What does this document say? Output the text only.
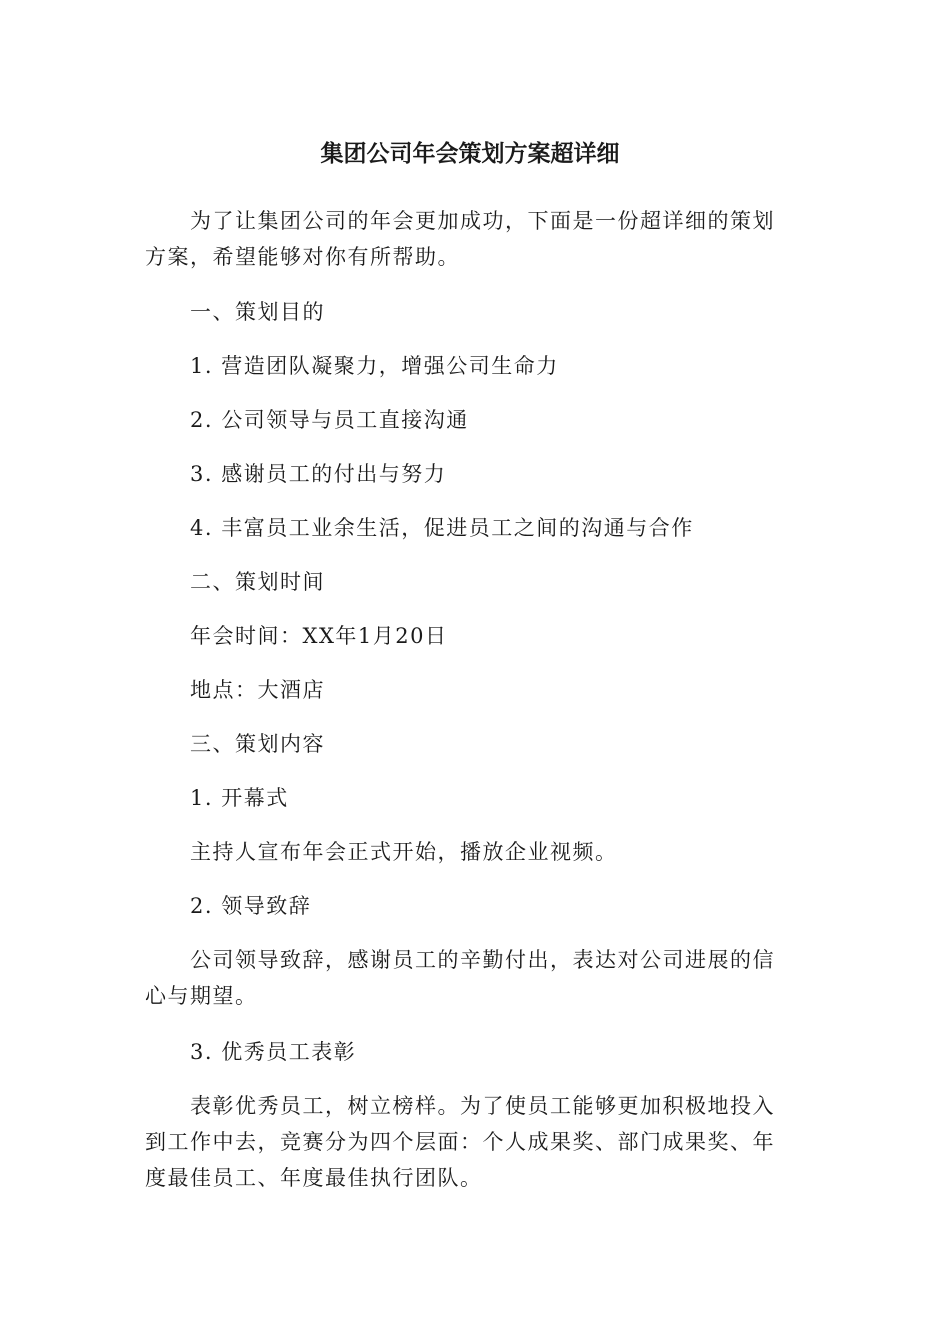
集团公司年会策划方案超详细

为了让集团公司的年会更加成功，下面是一份超详细的策划方案，希望能够对你有所帮助。

一、策划目的

1. 营造团队凝聚力，增强公司生命力

2. 公司领导与员工直接沟通

3. 感谢员工的付出与努力

4. 丰富员工业余生活，促进员工之间的沟通与合作

二、策划时间

年会时间：XX年1月20日

地点：大酒店

三、策划内容

1. 开幕式

主持人宣布年会正式开始，播放企业视频。

2. 领导致辞

公司领导致辞，感谢员工的辛勤付出，表达对公司进展的信心与期望。

3. 优秀员工表彰

表彰优秀员工，树立榜样。为了使员工能够更加积极地投入到工作中去，竞赛分为四个层面：个人成果奖、部门成果奖、年度最佳员工、年度最佳执行团队。
